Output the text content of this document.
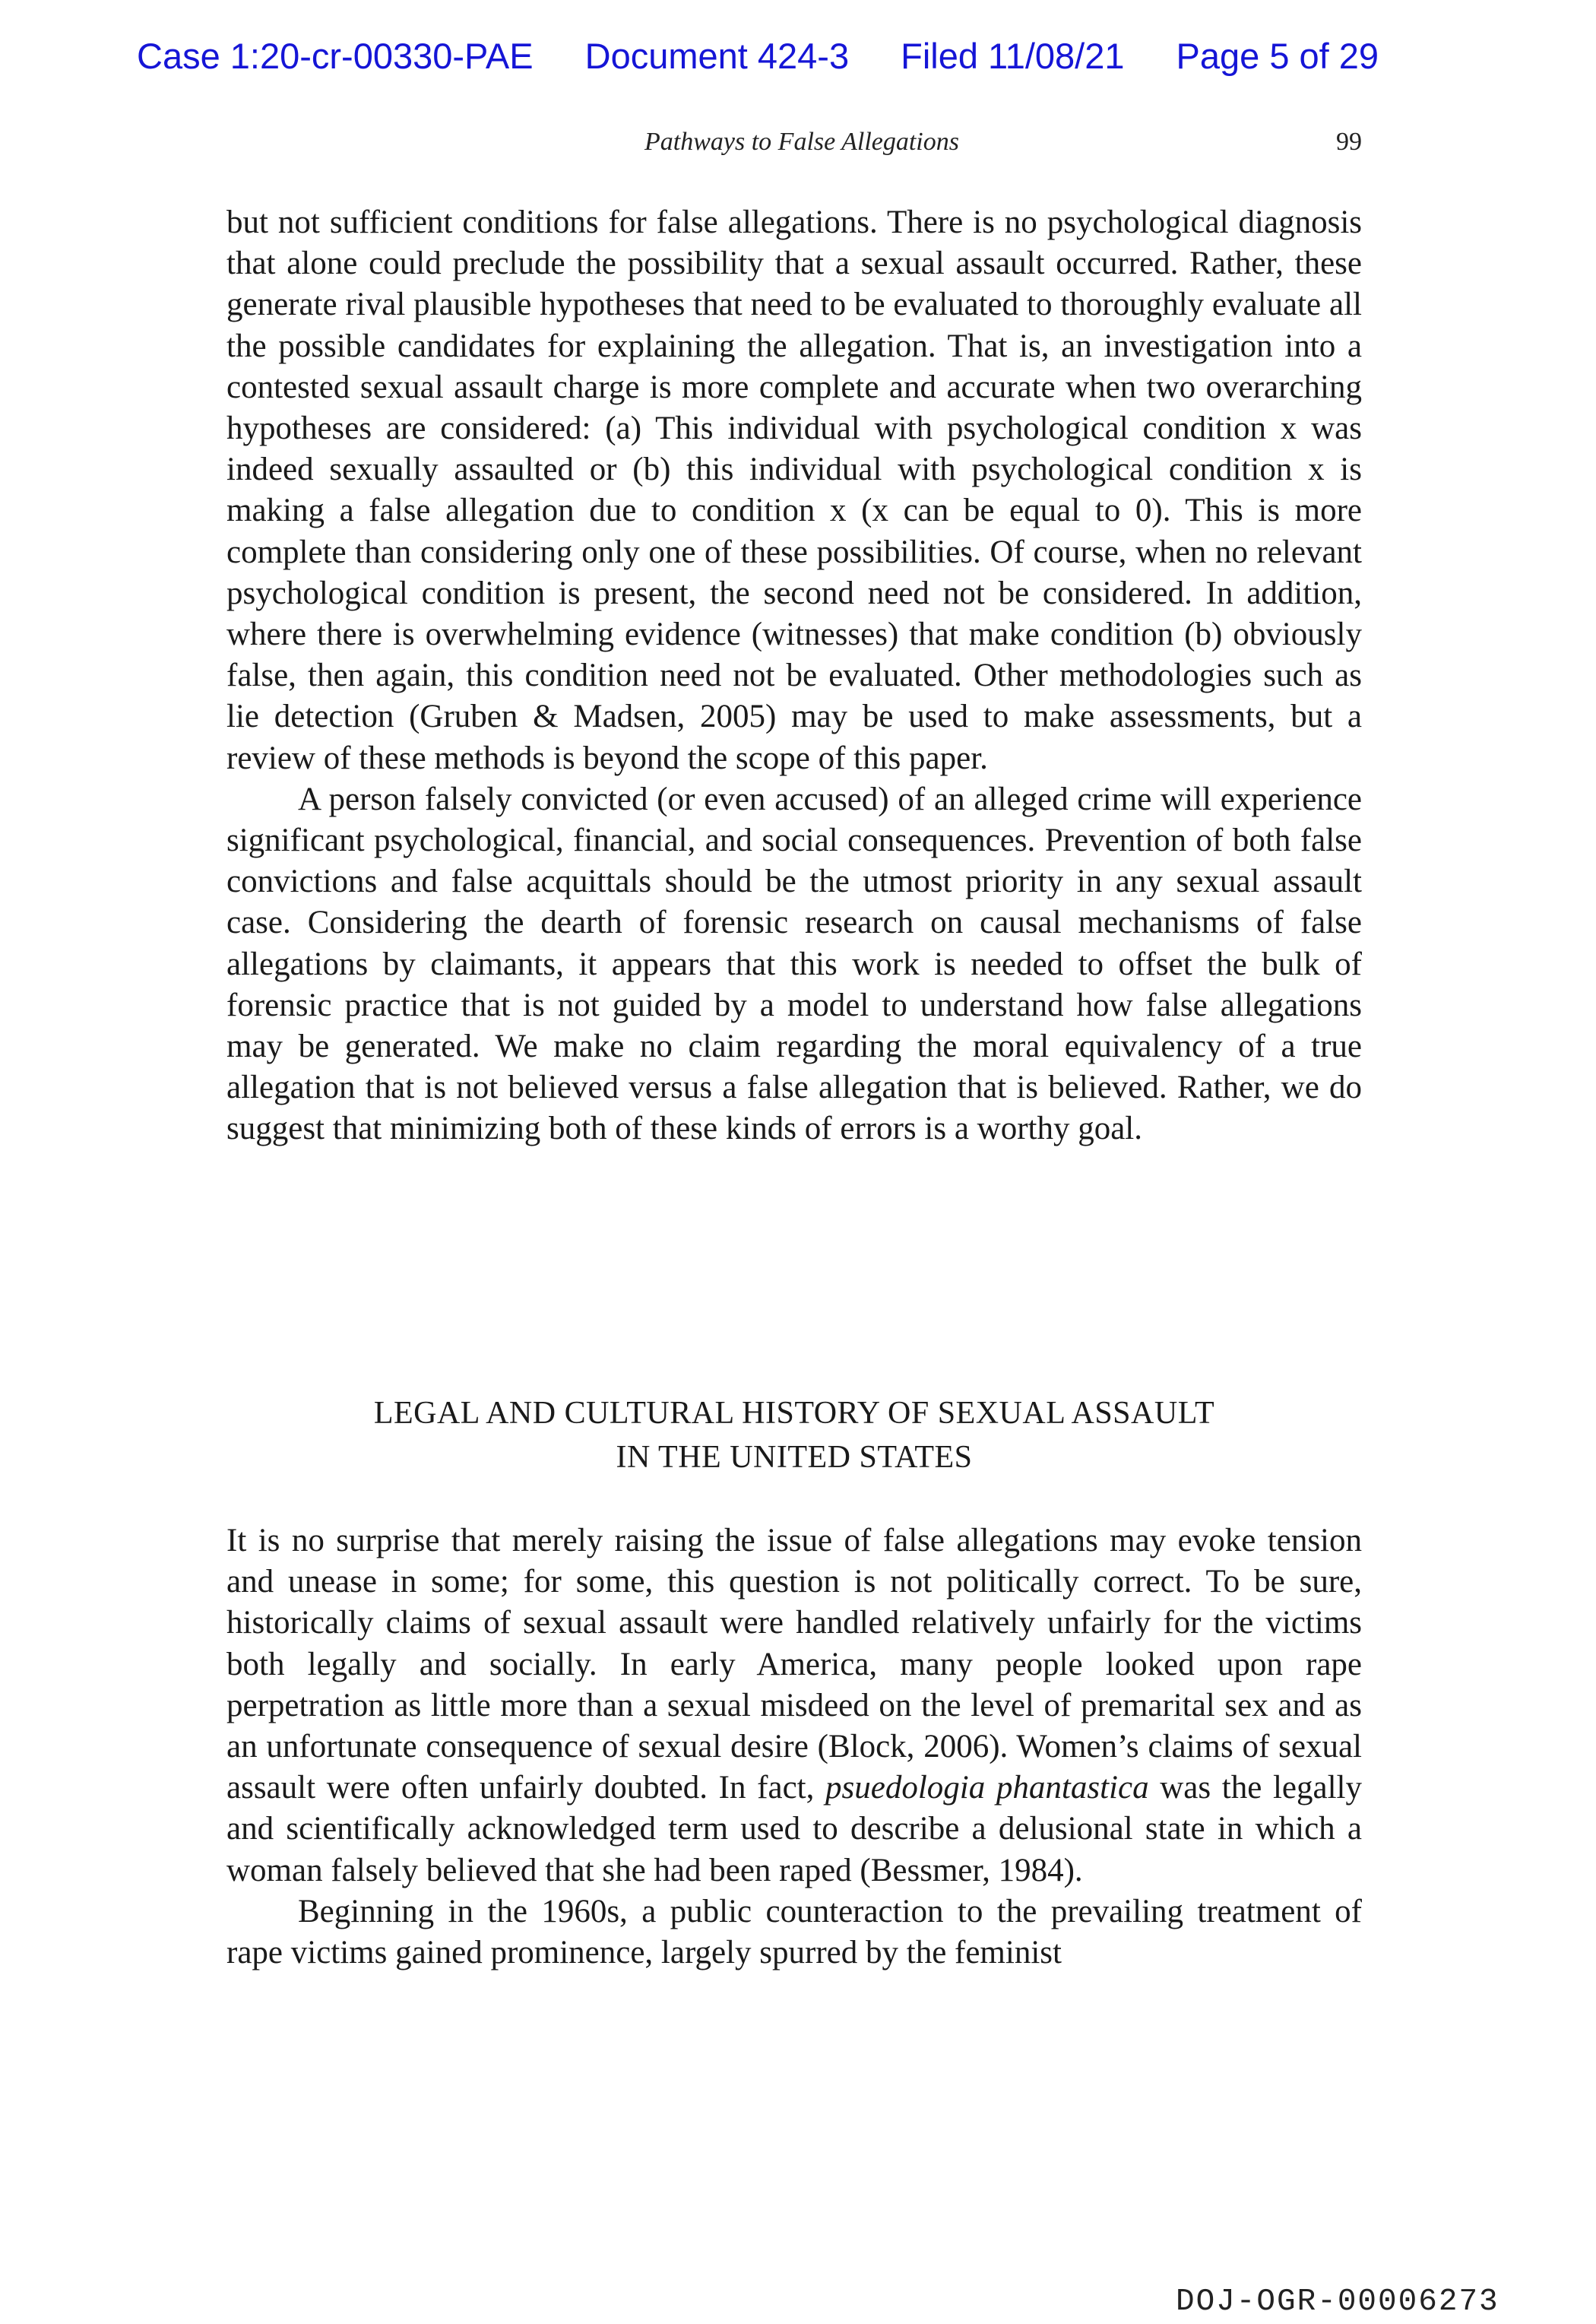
Case 1:20-cr-00330-PAE Document 424-3 Filed 11/08/21 Page 5 of 29
Pathways to False Allegations	99

but not sufficient conditions for false allegations. There is no psychological diagnosis that alone could preclude the possibility that a sexual assault occurred. Rather, these generate rival plausible hypotheses that need to be evaluated to thoroughly evaluate all the possible candidates for explaining the allegation. That is, an investigation into a contested sexual assault charge is more complete and accurate when two overarching hypotheses are considered: (a) This individual with psychological condition x was indeed sexually assaulted or (b) this individual with psychological condition x is making a false allegation due to condition x (x can be equal to 0). This is more complete than considering only one of these possibilities. Of course, when no relevant psychological condition is present, the second need not be considered. In addition, where there is overwhelming evidence (witnesses) that make condition (b) obviously false, then again, this condition need not be evaluated. Other methodologies such as lie detection (Gruben & Madsen, 2005) may be used to make assessments, but a review of these methods is beyond the scope of this paper.

A person falsely convicted (or even accused) of an alleged crime will experience significant psychological, financial, and social consequences. Prevention of both false convictions and false acquittals should be the utmost priority in any sexual assault case. Considering the dearth of forensic research on causal mechanisms of false allegations by claimants, it appears that this work is needed to offset the bulk of forensic practice that is not guided by a model to understand how false allegations may be generated. We make no claim regarding the moral equivalency of a true allegation that is not believed versus a false allegation that is believed. Rather, we do suggest that minimizing both of these kinds of errors is a worthy goal.

LEGAL AND CULTURAL HISTORY OF SEXUAL ASSAULT
IN THE UNITED STATES

It is no surprise that merely raising the issue of false allegations may evoke tension and unease in some; for some, this question is not politically correct. To be sure, historically claims of sexual assault were handled relatively unfairly for the victims both legally and socially. In early America, many people looked upon rape perpetration as little more than a sexual misdeed on the level of premarital sex and as an unfortunate consequence of sexual desire (Block, 2006). Women’s claims of sexual assault were often unfairly doubted. In fact, psuedologia phantastica was the legally and scientifically acknowledged term used to describe a delusional state in which a woman falsely believed that she had been raped (Bessmer, 1984).

Beginning in the 1960s, a public counteraction to the prevailing treatment of rape victims gained prominence, largely spurred by the feminist

DOJ-OGR-00006273
